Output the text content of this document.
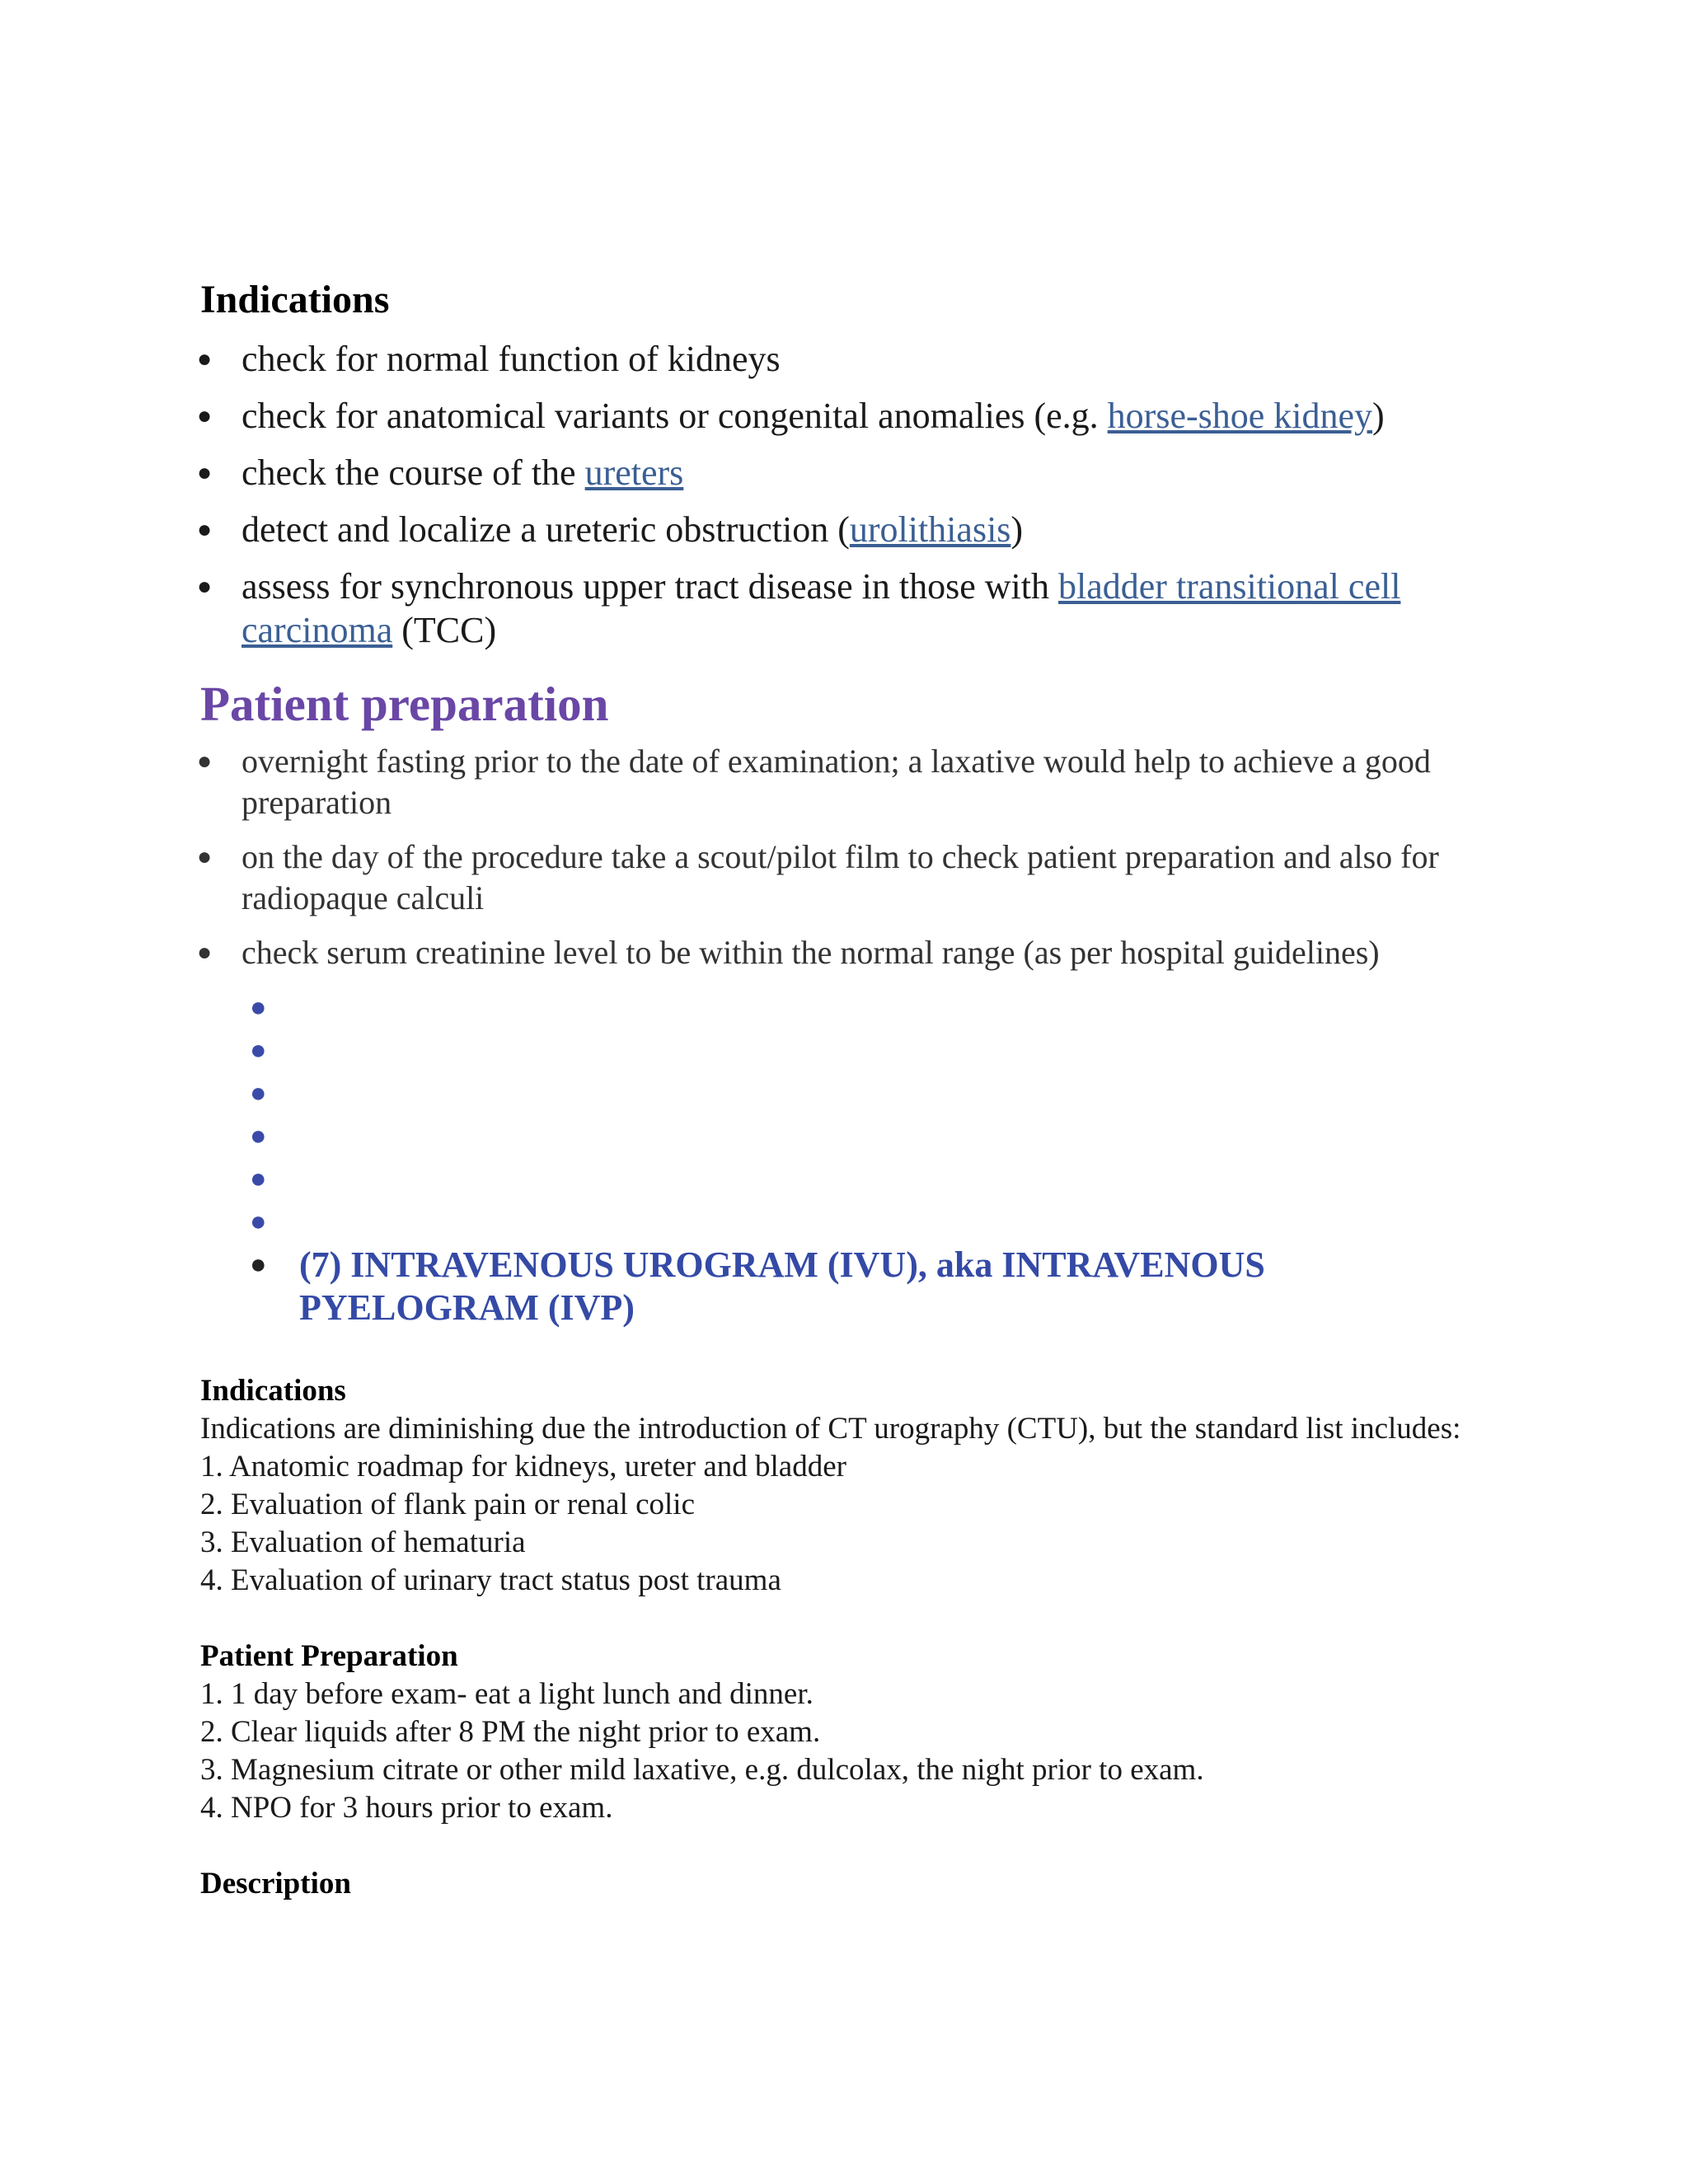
Indications
● check for normal function of kidneys
● check for anatomical variants or congenital anomalies (e.g. horse-shoe kidney)
● check the course of the ureters
● detect and localize a ureteric obstruction (urolithiasis)
● assess for synchronous upper tract disease in those with bladder transitional cell carcinoma (TCC)
Patient preparation
● overnight fasting prior to the date of examination; a laxative would help to achieve a good preparation
● on the day of the procedure take a scout/pilot film to check patient preparation and also for radiopaque calculi
● check serum creatinine level to be within the normal range (as per hospital guidelines)
●
●
●
●
●
●
● (7) INTRAVENOUS UROGRAM (IVU), aka INTRAVENOUS PYELOGRAM (IVP)

Indications

Indications are diminishing due the introduction of CT urography (CTU), but the standard list includes:

1. Anatomic roadmap for kidneys, ureter and bladder

2. Evaluation of flank pain or renal colic

3. Evaluation of hematuria

4. Evaluation of urinary tract status post trauma

Patient Preparation

1. 1 day before exam- eat a light lunch and dinner.

2. Clear liquids after 8 PM the night prior to exam.

3. Magnesium citrate or other mild laxative, e.g. dulcolax, the night prior to exam.

4. NPO for 3 hours prior to exam.

Description
